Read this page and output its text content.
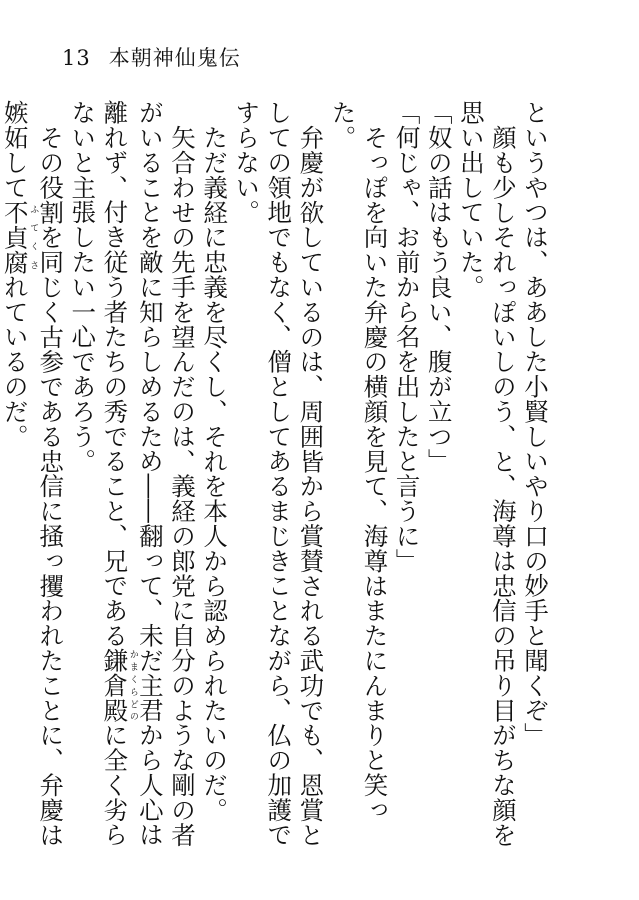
13 本朝神仙鬼伝

というやつは、ああした小賢しいやり口の妙手と聞くぞ」

顔も少しそれっぽいしのう、と、海尊は忠信の吊り目がちな顔を思い出していた。

「奴の話はもう良い、腹が立つ」

「何じゃ、お前から名を出したと言うに」

そっぽを向いた弁慶の横顔を見て、海尊はまたにんまりと笑った。

弁慶が欲しているのは、周囲皆から賞賛される武功でも、恩賞としての領地でもなく、僧としてあるまじきことながら、仏の加護ですらない。

ただ義経に忠義を尽くし、それを本人から認められたいのだ。

矢合わせの先手を望んだのは、義経の郎党に自分のような剛の者がいることを敵に知らしめるため――翻って、未だ主君から人心は離れず、付き従う者たちの秀でること、兄である鎌倉殿かまくらどのに全く劣らないと主張したい一心であろう。

その役割を同じく古参である忠信に掻っ攫われたことに、弁慶は嫉妬して不貞腐ふてくされているのだ。
